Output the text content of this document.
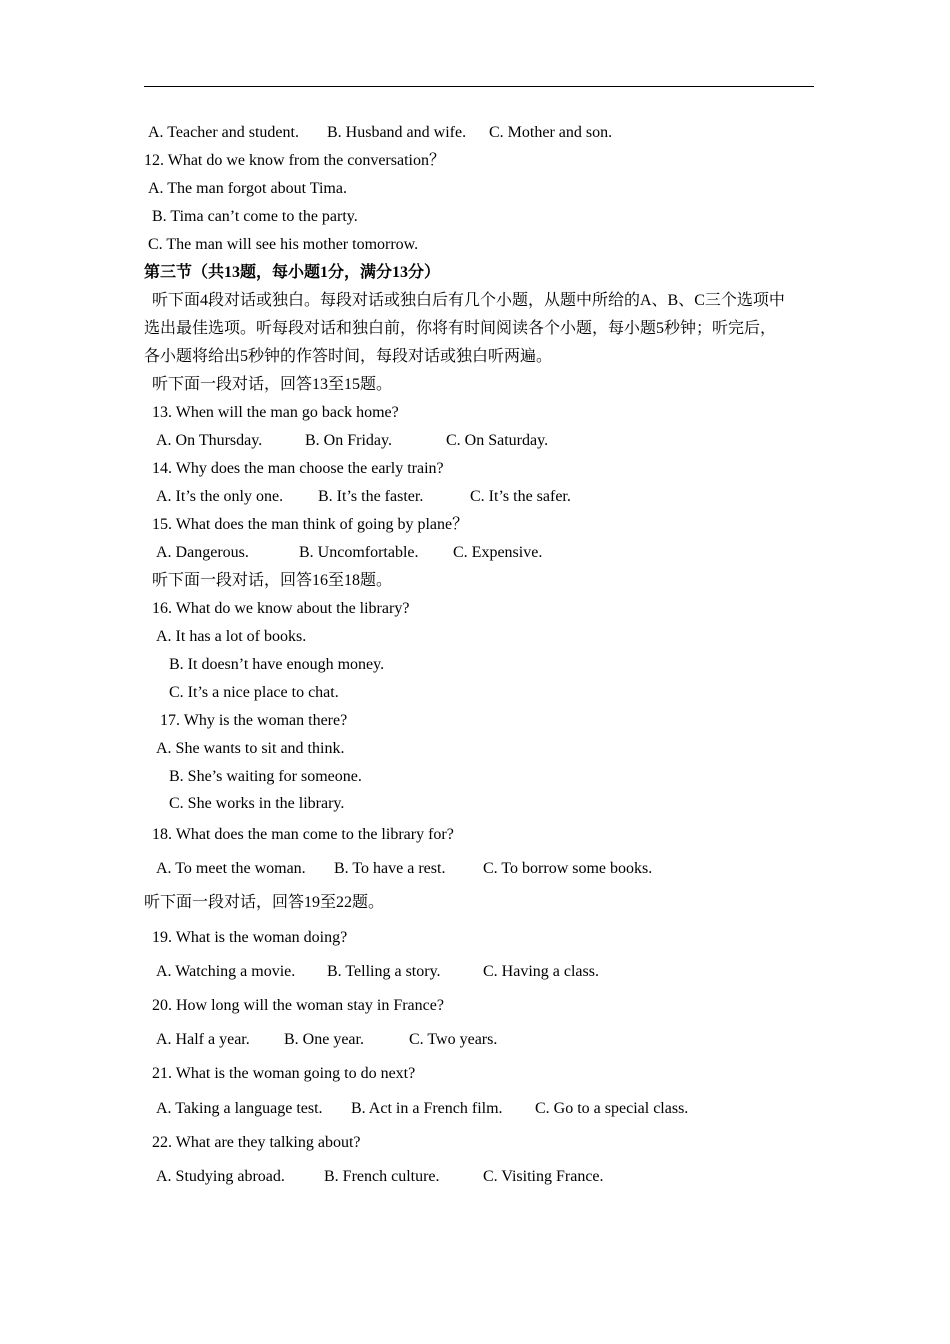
A. Teacher and student. B. Husband and wife. C. Mother and son.
12. What do we know from the conversation？
A. The man forgot about Tima.
B. Tima can’t come to the party.
C. The man will see his mother tomorrow.
第三节（共13题，每小题1分，满分13分）
听下面4段对话或独白。每段对话或独白后有几个小题，从题中所给的A、B、C三个选项中
选出最佳选项。听每段对话和独白前，你将有时间阅读各个小题，每小题5秒钟；听完后，
各小题将给出5秒钟的作答时间，每段对话或独白听两遍。
听下面一段对话，回答13至15题。
13. When will the man go back home?
A. On Thursday.	B. On Friday.	C. On Saturday.
14. Why does the man choose the early train?
A. It’s the only one. B. It’s the faster.	C. It’s the safer.
15. What does the man think of going by plane？
A. Dangerous.	B. Uncomfortable. C. Expensive.
听下面一段对话，回答16至18题。
16. What do we know about the library?
A. It has a lot of books.
B. It doesn’t have enough money.
C. It’s a nice place to chat.
17. Why is the woman there?
A. She wants to sit and think.
B. She’s waiting for someone.
C. She works in the library.
18. What does the man come to the library for?
A. To meet the woman. B. To have a rest. C. To borrow some books.
听下面一段对话，回答19至22题。
19. What is the woman doing?
A. Watching a movie. B. Telling a story.	C. Having a class.
20. How long will the woman stay in France?
A. Half a year. B. One year.	C. Two years.
21. What is the woman going to do next?
A. Taking a language test. B. Act in a French film. C. Go to a special class.
22. What are they talking about?
A. Studying abroad. B. French culture.	C. Visiting France.
